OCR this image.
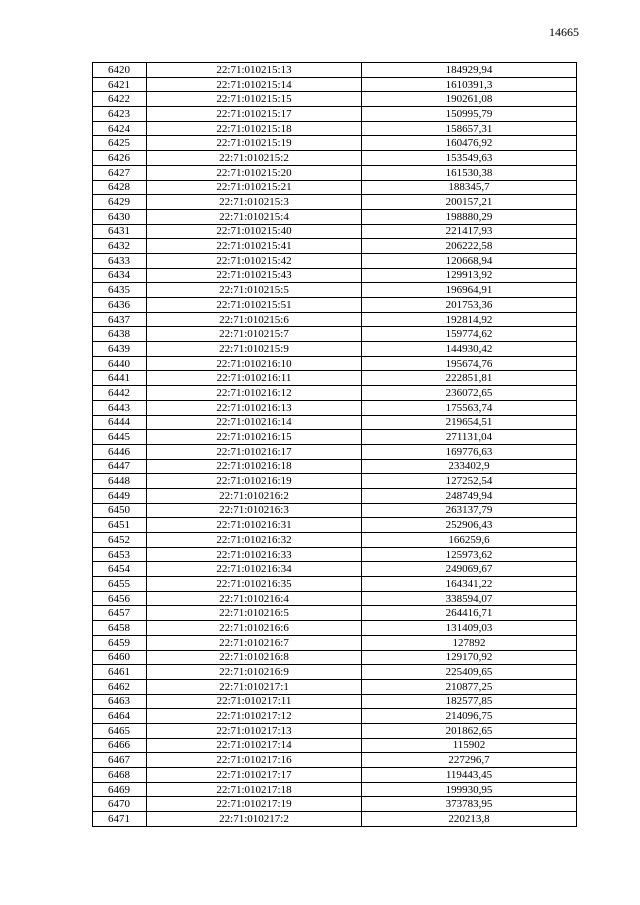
14665
6420	22:71:010215:13	184929,94
6421	22:71:010215:14	1610391,3
6422	22:71:010215:15	190261,08
6423	22:71:010215:17	150995,79
6424	22:71:010215:18	158657,31
6425	22:71:010215:19	160476,92
6426	22:71:010215:2	153549,63
6427	22:71:010215:20	161530,38
6428	22:71:010215:21	188345,7
6429	22:71:010215:3	200157,21
6430	22:71:010215:4	198880,29
6431	22:71:010215:40	221417,93
6432	22:71:010215:41	206222,58
6433	22:71:010215:42	120668,94
6434	22:71:010215:43	129913,92
6435	22:71:010215:5	196964,91
6436	22:71:010215:51	201753,36
6437	22:71:010215:6	192814,92
6438	22:71:010215:7	159774,62
6439	22:71:010215:9	144930,42
6440	22:71:010216:10	195674,76
6441	22:71:010216:11	222851,81
6442	22:71:010216:12	236072,65
6443	22:71:010216:13	175563,74
6444	22:71:010216:14	219654,51
6445	22:71:010216:15	271131,04
6446	22:71:010216:17	169776,63
6447	22:71:010216:18	233402,9
6448	22:71:010216:19	127252,54
6449	22:71:010216:2	248749,94
6450	22:71:010216:3	263137,79
6451	22:71:010216:31	252906,43
6452	22:71:010216:32	166259,6
6453	22:71:010216:33	125973,62
6454	22:71:010216:34	249069,67
6455	22:71:010216:35	164341,22
6456	22:71:010216:4	338594,07
6457	22:71:010216:5	264416,71
6458	22:71:010216:6	131409,03
6459	22:71:010216:7	127892
6460	22:71:010216:8	129170,92
6461	22:71:010216:9	225409,65
6462	22:71:010217:1	210877,25
6463	22:71:010217:11	182577,85
6464	22:71:010217:12	214096,75
6465	22:71:010217:13	201862,65
6466	22:71:010217:14	115902
6467	22:71:010217:16	227296,7
6468	22:71:010217:17	119443,45
6469	22:71:010217:18	199930,95
6470	22:71:010217:19	373783,95
6471	22:71:010217:2	220213,8
